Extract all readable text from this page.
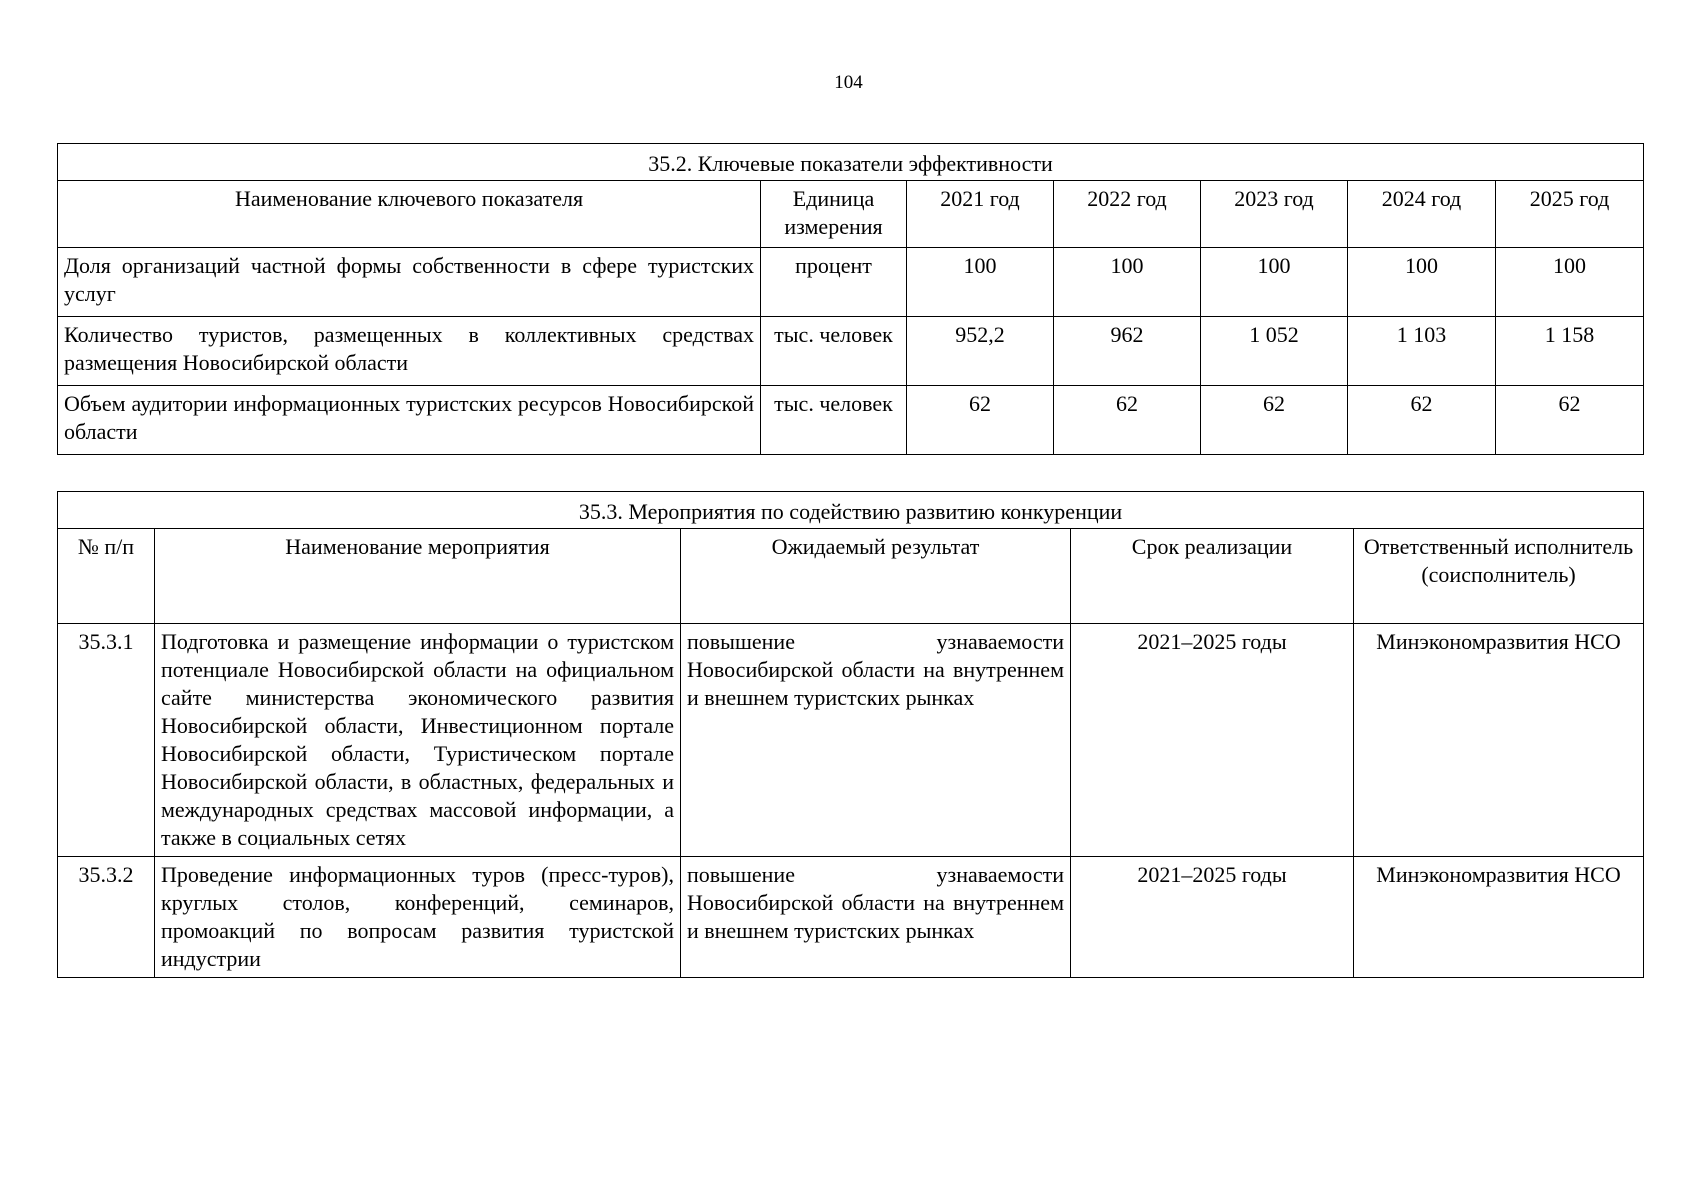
104
35.2. Ключевые показатели эффективности						
Наименование ключевого показателя	Единица измерения	2021 год	2022 год	2023 год	2024 год	2025 год
Доля организаций частной формы собственности в сфере туристских услуг	процент	100	100	100	100	100
Количество туристов, размещенных в коллективных средствах размещения Новосибирской области	тыс. человек	952,2	962	1 052	1 103	1 158
Объем аудитории информационных туристских ресурсов Новосибирской области	тыс. человек	62	62	62	62	62
35.3. Мероприятия по содействию развитию конкуренции				
№ п/п	Наименование мероприятия	Ожидаемый результат	Срок реализации	Ответственный исполнитель (соисполнитель)
35.3.1	Подготовка и размещение информации о туристском потенциале Новосибирской области на официальном сайте министерства экономического развития Новосибирской области, Инвестиционном портале Новосибирской области, Туристическом портале Новосибирской области, в областных, федеральных и международных средствах массовой информации, а также в социальных сетях	повышение узнаваемости Новосибирской области на внутреннем и внешнем туристских рынках	2021–2025 годы	Минэкономразвития НСО
35.3.2	Проведение информационных туров (пресс-туров), круглых столов, конференций, семинаров, промоакций по вопросам развития туристской индустрии	повышение узнаваемости Новосибирской области на внутреннем и внешнем туристских рынках	2021–2025 годы	Минэкономразвития НСО
